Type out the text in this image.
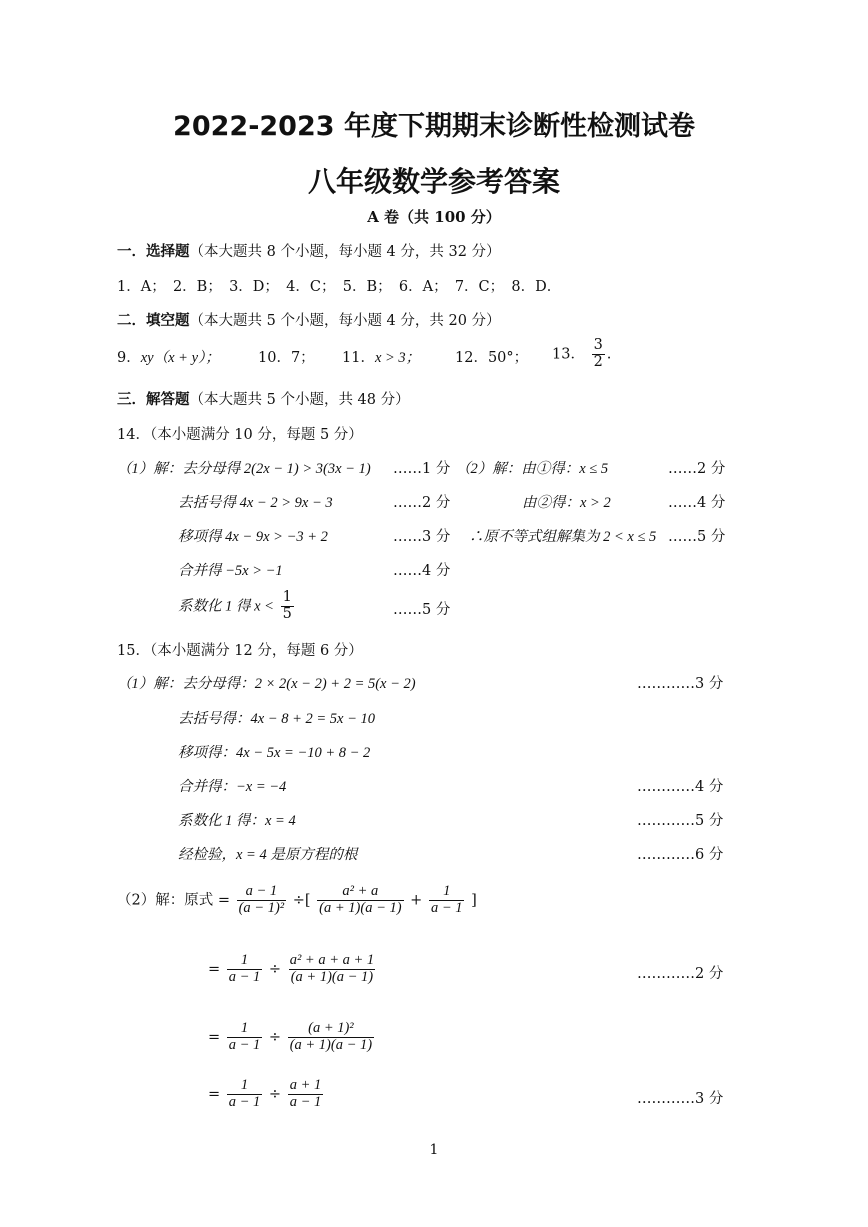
2022-2023 年度下期期末诊断性检测试卷
八年级数学参考答案
A 卷（共 100 分）
一．选择题（本大题共 8 个小题，每小题 4 分，共 32 分）
1．A；　2．B；　3．D；　4．C；　5．B；　6．A；　7．C；　8．D．
二．填空题（本大题共 5 个小题，每小题 4 分，共 20 分）
9．xy（x + y）；	10．7； 11．x > 3； 12．50°； 13． $\frac{3}{2}$ .
三．解答题（本大题共 5 个小题，共 48 分）
14．（本小题满分 10 分，每题 5 分）
（1）解：去分母得 2(2x − 1) > 3(3x − 1) ……1 分
去括号得 4x − 2 > 9x − 3	……2 分
移项得 4x − 9x > −3 + 2	……3 分
合并得 −5x > −1	……4 分
系数化 1 得 $x < \frac{1}{5}$	……5 分
（2）解：由①得：x ≤ 5	……2 分
由②得：x > 2	……4 分
∴原不等式组解集为 2 < x ≤ 5 ……5 分
15．（本小题满分 12 分，每题 6 分）
（1）解：去分母得：2 × 2(x − 2) + 2 = 5(x − 2)	…………3 分
去括号得：4x − 8 + 2 = 5x − 10
移项得：4x − 5x = −10 + 8 − 2
合并得：−x = −4	…………4 分
系数化 1 得：x = 4	…………5 分
经检验，x = 4 是原方程的根	…………6 分
（2）解：原式 = $\frac{a - 1}{\text{(a − 1)²}}$ ÷[ $\frac{\text{a² + a}}{(a + 1)(a - 1)} + \frac{1}{a - 1}$ ]
= $\frac{1}{a - 1} \div \frac{\text{a² + a + a + 1}}{(a + 1)(a - 1)}$	…………2 分
= $\frac{1}{a - 1} \div \frac{\text{(a + 1)²}}{(a + 1)(a - 1)}$
= $\frac{1}{a - 1} \div \frac{a + 1}{a - 1}$	…………3 分
1
